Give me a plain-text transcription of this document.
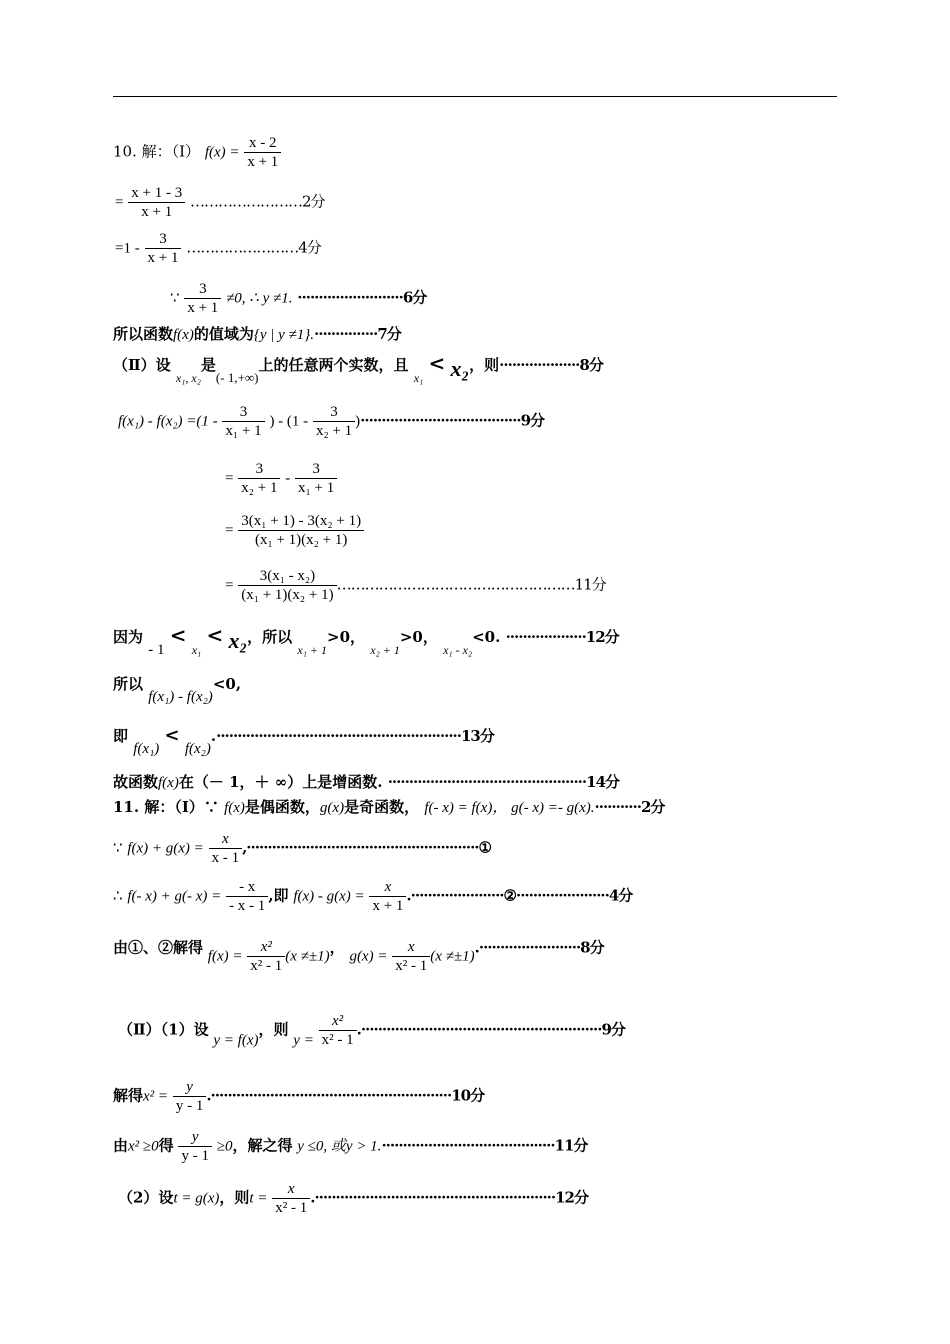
10. 解：（Ⅰ） $f(x) = \frac{x - 2}{x + 1}$
= $\frac{x + 1 - 3}{x + 1}$ ……………………2分
$=1 - \frac{3}{x + 1}$ ……………………4分
∵ $\frac{3}{x + 1} \ne 0$, ∴ y ≠1. ·························6分
所以函数f(x)的值域为{y | y ≠1}.···············7分
（Ⅱ）设 $_{x_1, x_2}$是(- 1,+∞)上的任意两个实数，且 $_{x_1}$ < x₂，则···················8分
$f(x_1) - f(x_2) =(1 - \frac{3}{\text{x₁ + 1}}$ ) - $(1 - \frac{3}{\text{x₂ + 1}} )\cdot\cdot\cdot\cdot\cdot\cdot\cdot\cdot\cdot\cdot\cdot\cdot\cdot\cdot\cdot\cdot\cdot\cdot\cdot\cdot\cdot\cdot\cdot\cdot\cdot\cdot\cdot\cdot\cdot\cdot\cdot\cdot\cdot\cdot\cdot\cdot\cdot\cdot 9$分
= $\frac{3}{\text{x₂ + 1}} - \frac{3}{\text{x₁ + 1}}$
= $\frac{\text{3(x₁ + 1) - 3(x₂ + 1)}}{\text{(x₁ + 1)(x₂ + 1)}}$
= $\frac{\text{3(x₁ - x₂)}}{\text{(x₁ + 1)(x₂ + 1)}}$ ……………………………………………11分
因为 - 1 < $_{x_1}$ < x₂，所以 $_{x_1 + 1}$>0， $_{x_2 + 1}$>0， $_{x_1 - x_2}$<0. ···················12分
所以 f(x₁) - f(x₂)<0,
即 f(x₁) < f(x₂).··························································13分
故函数f(x)在（－ 1，＋ ∞）上是增函数. ···············································14分
11. 解：（Ⅰ）∵ f(x)是偶函数，g(x)是奇函数， f(- x) = f(x)， g(- x) =- g(x).···········2分
∵ $f(x) + g(x) = \frac{x}{x - 1}$ ,·······················································①
∴ f(- x) + g(- $x) = \frac{- x}{- x - 1}$ ,即 $f(x) - g(x) = \frac{x}{x + 1}$ .······················②······················4分
由①、②解得 $f(x) = \frac{\text{x²}}{\text{x² - 1}} (x \ne\pm 1)$， $g(x) = \frac{x}{\text{x² - 1}} (x \ne\pm 1).\cdot\cdot\cdot\cdot\cdot\cdot\cdot\cdot\cdot\cdot\cdot\cdot\cdot\cdot\cdot\cdot\cdot\cdot\cdot\cdot\cdot\cdot\cdot\cdot 8$分
（Ⅱ）（1）设 y = f(x)，则 $y = \frac{\text{x²}}{\text{x² - 1}} .\cdot\cdot\cdot\cdot\cdot\cdot\cdot\cdot\cdot\cdot\cdot\cdot\cdot\cdot\cdot\cdot\cdot\cdot\cdot\cdot\cdot\cdot\cdot\cdot\cdot\cdot\cdot\cdot\cdot\cdot\cdot\cdot\cdot\cdot\cdot\cdot\cdot\cdot\cdot\cdot\cdot\cdot\cdot\cdot\cdot\cdot\cdot\cdot\cdot\cdot\cdot\cdot\cdot\cdot\cdot\cdot\cdot 9$分
解得$x^2 = \frac{y}{y - 1} .\cdot\cdot\cdot\cdot\cdot\cdot\cdot\cdot\cdot\cdot\cdot\cdot\cdot\cdot\cdot\cdot\cdot\cdot\cdot\cdot\cdot\cdot\cdot\cdot\cdot\cdot\cdot\cdot\cdot\cdot\cdot\cdot\cdot\cdot\cdot\cdot\cdot\cdot\cdot\cdot\cdot\cdot\cdot\cdot\cdot\cdot\cdot\cdot\cdot\cdot\cdot\cdot\cdot\cdot\cdot\cdot\cdot 10$分
由x² ≥0得 $\frac{y}{y - 1} \ge 0$，解之得 y ≤0, 或y > 1.·········································11分
（2）设t = g(x)，则$t = \frac{x}{\text{x² - 1}} .\cdot\cdot\cdot\cdot\cdot\cdot\cdot\cdot\cdot\cdot\cdot\cdot\cdot\cdot\cdot\cdot\cdot\cdot\cdot\cdot\cdot\cdot\cdot\cdot\cdot\cdot\cdot\cdot\cdot\cdot\cdot\cdot\cdot\cdot\cdot\cdot\cdot\cdot\cdot\cdot\cdot\cdot\cdot\cdot\cdot\cdot\cdot\cdot\cdot\cdot\cdot\cdot\cdot\cdot\cdot\cdot\cdot 12$分
